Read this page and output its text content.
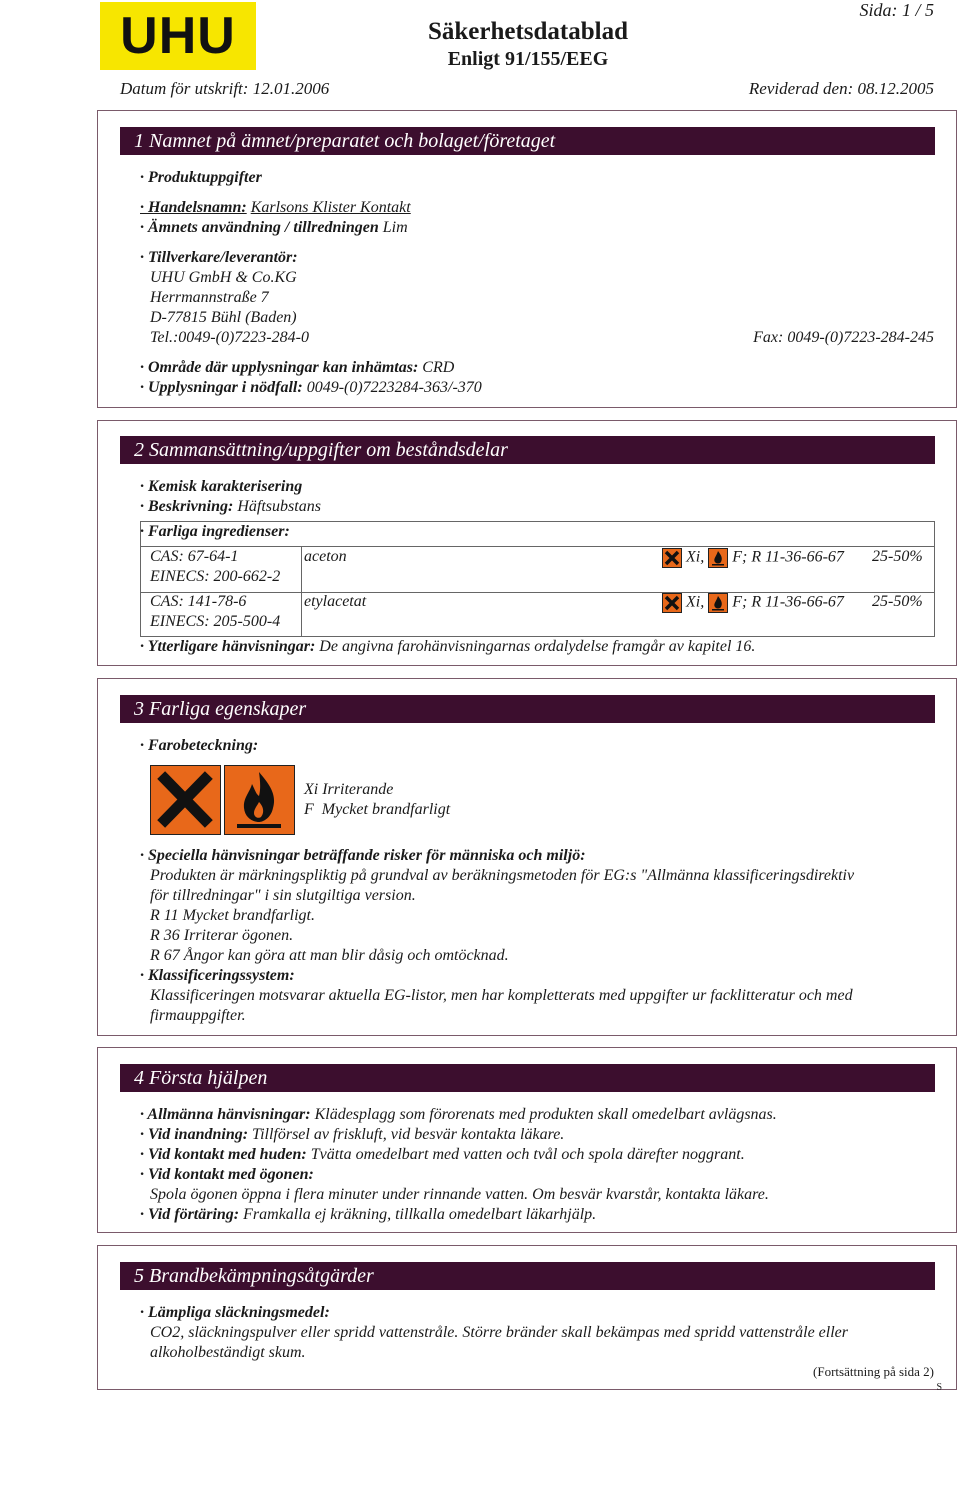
UHU	Säkerhetsdatablad
Enligt 91/155/EEG
Sida: 1 / 5
Datum för utskrift: 12.01.2006	Reviderad den: 08.12.2005
1 Namnet på ämnet/preparatet och bolaget/företaget
· Produktuppgifter
· Handelsnamn: Karlsons Klister Kontakt
· Ämnets användning / tillredningen Lim
· Tillverkare/leverantör:
UHU GmbH & Co.KG
Herrmannstraße 7
D-77815 Bühl (Baden)
Tel.:0049-(0)7223-284-0	Fax: 0049-(0)7223-284-245
· Område där upplysningar kan inhämtas: CRD
· Upplysningar i nödfall: 0049-(0)7223284-363/-370
2 Sammansättning/uppgifter om beståndsdelar
· Kemisk karakterisering
· Beskrivning: Häftsubstans
· Farliga ingredienser:
CAS: 67-64-1
EINECS: 200-662-2
aceton	Xi, F; R 11-36-66-67 25-50%
CAS: 141-78-6
EINECS: 205-500-4
etylacetat	Xi, F; R 11-36-66-67 25-50%
· Ytterligare hänvisningar: De angivna farohänvisningarnas ordalydelse framgår av kapitel 16.
3 Farliga egenskaper
· Farobeteckning:
Xi Irriterande
F  Mycket brandfarligt
· Speciella hänvisningar beträffande risker för människa och miljö:
Produkten är märkningspliktig på grundval av beräkningsmetoden för EG:s "Allmänna klassificeringsdirektiv
för tillredningar" i sin slutgiltiga version.
R 11 Mycket brandfarligt.
R 36 Irriterar ögonen.
R 67 Ångor kan göra att man blir dåsig och omtöcknad.
· Klassificeringssystem:
Klassificeringen motsvarar aktuella EG-listor, men har kompletterats med uppgifter ur facklitteratur och med
firmauppgifter.
4 Första hjälpen
· Allmänna hänvisningar: Klädesplagg som förorenats med produkten skall omedelbart avlägsnas.
· Vid inandning: Tillförsel av friskluft, vid besvär kontakta läkare.
· Vid kontakt med huden: Tvätta omedelbart med vatten och tvål och spola därefter noggrant.
· Vid kontakt med ögonen:
Spola ögonen öppna i flera minuter under rinnande vatten. Om besvär kvarstår, kontakta läkare.
· Vid förtäring: Framkalla ej kräkning, tillkalla omedelbart läkarhjälp.
5 Brandbekämpningsåtgärder
· Lämpliga släckningsmedel:
CO2, släckningspulver eller spridd vattenstråle. Större bränder skall bekämpas med spridd vattenstråle eller
alkoholbeständigt skum.
(Fortsättning på sida 2)
S
